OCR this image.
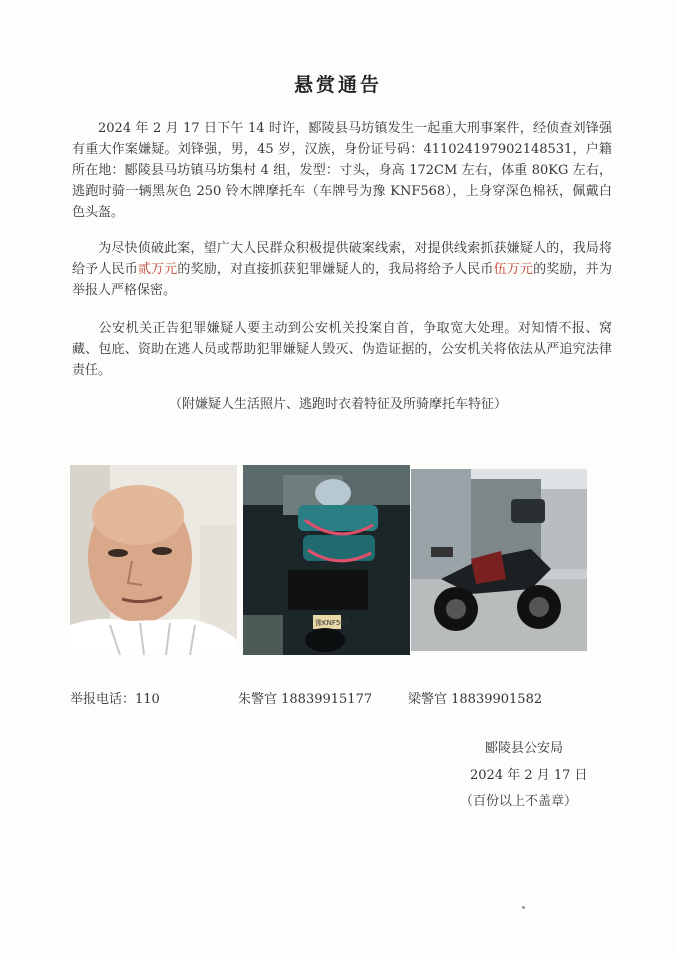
悬赏通告

2024 年 2 月 17 日下午 14 时许，郾陵县马坊镇发生一起重大刑事案件，经侦查刘锋强有重大作案嫌疑。刘锋强，男，45 岁，汉族，身份证号码：411024197902148531，户籍所在地：郾陵县马坊镇马坊集村 4 组，发型：寸头，身高 172CM 左右，体重 80KG 左右，逃跑时骑一辆黑灰色 250 铃木牌摩托车（车牌号为豫 KNF568），上身穿深色棉袄，佩戴白色头盔。

为尽快侦破此案，望广大人民群众积极提供破案线索，对提供线索抓获嫌疑人的，我局将给予人民币贰万元的奖励，对直接抓获犯罪嫌疑人的，我局将给予人民币伍万元的奖励，并为举报人严格保密。

公安机关正告犯罪嫌疑人要主动到公安机关投案自首，争取宽大处理。对知情不报、窝藏、包庇、资助在逃人员或帮助犯罪嫌疑人毁灭、伪造证据的，公安机关将依法从严追究法律责任。

（附嫌疑人生活照片、逃跑时衣着特征及所骑摩托车特征）
豫KNF568
举报电话：110	朱警官 18839915177	梁警官 18839901582
郾陵县公安局
2024 年 2 月 17 日
（百份以上不盖章）
